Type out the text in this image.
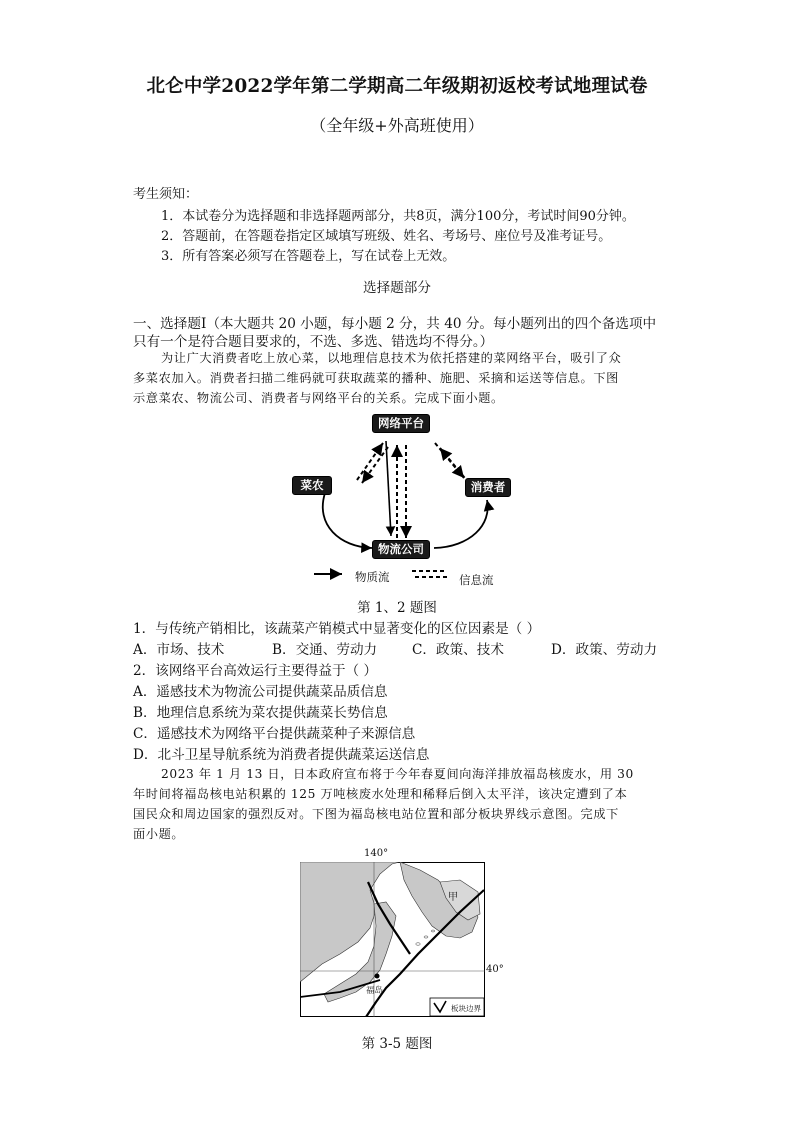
北仑中学2022学年第二学期高二年级期初返校考试地理试卷
（全年级+外高班使用）
考生须知：
1．本试卷分为选择题和非选择题两部分，共8页，满分100分，考试时间90分钟。
2．答题前，在答题卷指定区域填写班级、姓名、考场号、座位号及准考证号。
3．所有答案必须写在答题卷上，写在试卷上无效。
选择题部分
一、选择题Ⅰ（本大题共 20 小题，每小题 2 分，共 40 分。每小题列出的四个备选项中
只有一个是符合题目要求的，不选、多选、错选均不得分。）
为让广大消费者吃上放心菜，以地理信息技术为依托搭建的菜网络平台，吸引了众
多菜农加入。消费者扫描二维码就可获取蔬菜的播种、施肥、采摘和运送等信息。下图
示意菜农、物流公司、消费者与网络平台的关系。完成下面小题。
网络平台
菜农	消费者
物流公司
物质流	信息流
第 1、2 题图
1．与传统产销相比，该蔬菜产销模式中显著变化的区位因素是（ ）
A．市场、技术	B．交通、劳动力	C．政策、技术	D．政策、劳动力
2．该网络平台高效运行主要得益于（ ）
A．遥感技术为物流公司提供蔬菜品质信息
B．地理信息系统为菜农提供蔬菜长势信息
C．遥感技术为网络平台提供蔬菜种子来源信息
D．北斗卫星导航系统为消费者提供蔬菜运送信息
2023 年 1 月 13 日，日本政府宣布将于今年春夏间向海洋排放福岛核废水，用 30
年时间将福岛核电站积累的 125 万吨核废水处理和稀释后倒入太平洋，该决定遭到了本
国民众和周边国家的强烈反对。下图为福岛核电站位置和部分板块界线示意图。完成下
面小题。
140°
40°
甲
福岛
板块边界
第 3-5 题图
